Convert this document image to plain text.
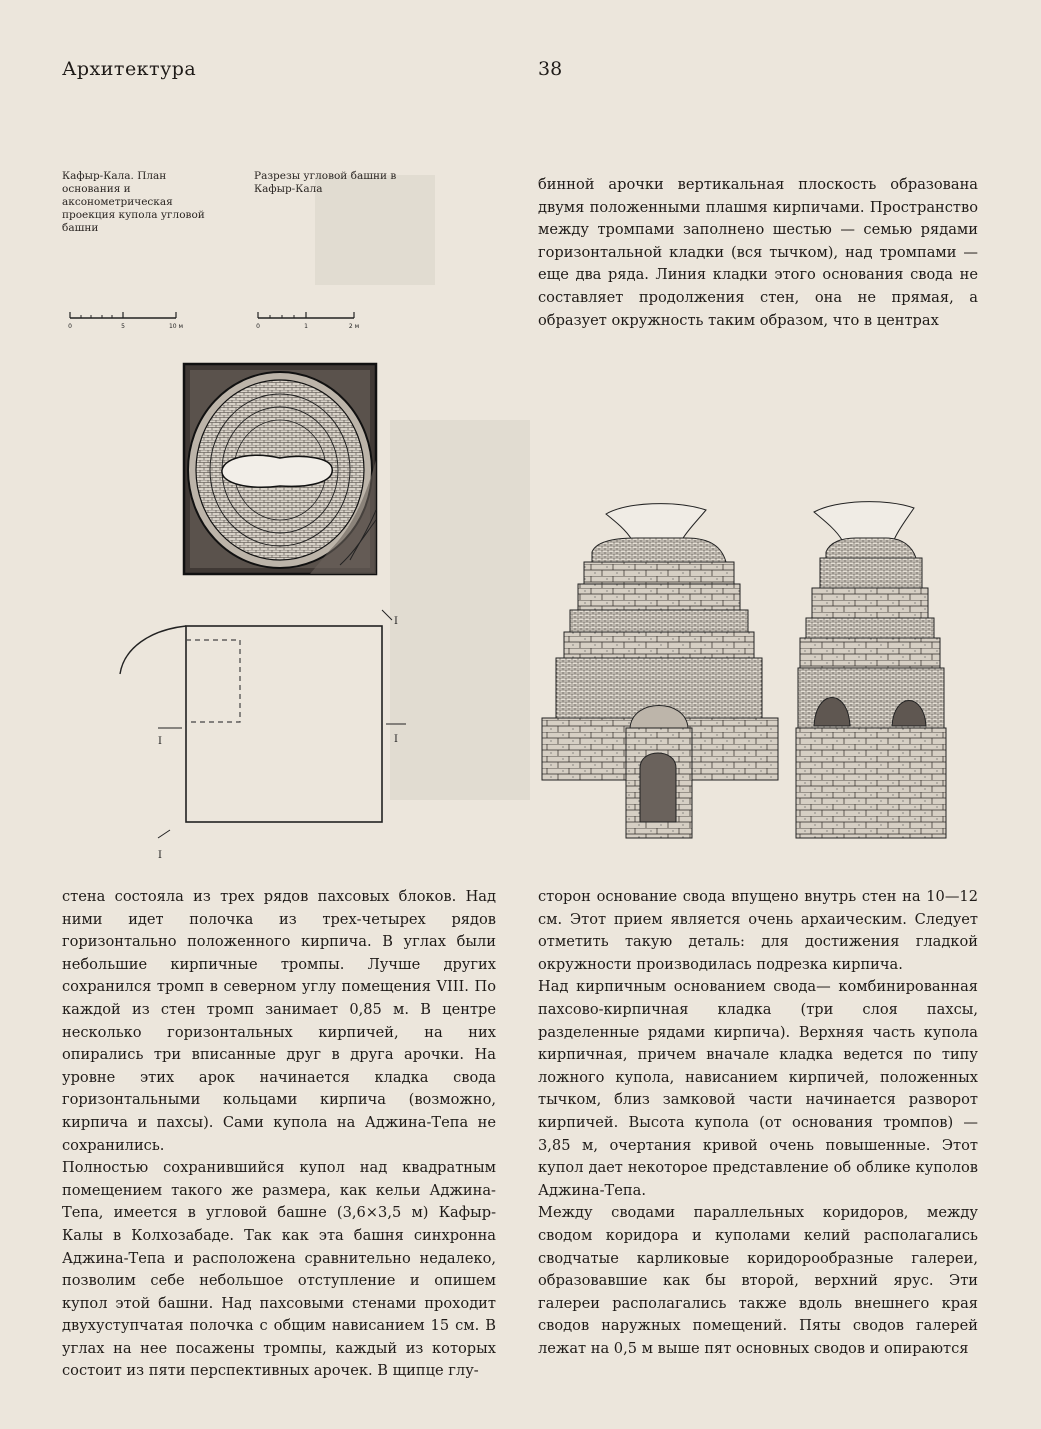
Архитектура	38
Кафыр-Кала. План основания и аксонометрическая проекция купола угловой башни
Разрезы угловой башни в Кафыр-Кала
0	5	10 м	0	1	2 м
I
I	I
I

бинной арочки вертикальная плоскость образована двумя положенными плашмя кирпичами. Пространство между тромпами заполнено шестью — семью рядами горизонтальной кладки (вся тычком), над тромпами — еще два ряда. Линия кладки этого основания свода не составляет продолжения стен, она не прямая, а образует окружность таким образом, что в центрах

стена состояла из трех рядов пахсовых блоков. Над ними идет полочка из трех-четырех рядов горизонтально положенного кирпича. В углах были небольшие кирпичные тромпы. Лучше других сохранился тромп в северном углу помещения VIII. По каждой из стен тромп занимает 0,85 м. В центре несколько горизонтальных кирпичей, на них опирались три вписанные друг в друга арочки. На уровне этих арок начинается кладка свода горизонтальными кольцами кирпича (возможно, кирпича и пахсы). Сами купола на Аджина-Тепа не сохранились.

Полностью сохранившийся купол над квадратным помещением такого же размера, как кельи Аджина-Тепа, имеется в угловой башне (3,6×3,5 м) Кафыр-Калы в Колхозабаде. Так как эта башня синхронна Аджина-Тепа и расположена сравнительно недалеко, позволим себе небольшое отступление и опишем купол этой башни. Над пахсовыми стенами проходит двухуступчатая полочка с общим нависанием 15 см. В углах на нее посажены тромпы, каждый из которых состоит из пяти перспективных арочек. В щипце глу-

сторон основание свода впущено внутрь стен на 10—12 см. Этот прием является очень архаическим. Следует отметить такую деталь: для достижения гладкой окружности производилась подрезка кирпича.

Над кирпичным основанием свода— комбинированная пахсово-кирпичная кладка (три слоя пахсы, разделенные рядами кирпича). Верхняя часть купола кирпичная, причем вначале кладка ведется по типу ложного купола, нависанием кирпичей, положенных тычком, близ замковой части начинается разворот кирпичей. Высота купола (от основания тромпов) — 3,85 м, очертания кривой очень повышенные. Этот купол дает некоторое представление об облике куполов Аджина-Тепа.

Между сводами параллельных коридоров, между сводом коридора и куполами келий располагались сводчатые карликовые коридорообразные галереи, образовавшие как бы второй, верхний ярус. Эти галереи располагались также вдоль внешнего края сводов наружных помещений. Пяты сводов галерей лежат на 0,5 м выше пят основных сводов и опираются
